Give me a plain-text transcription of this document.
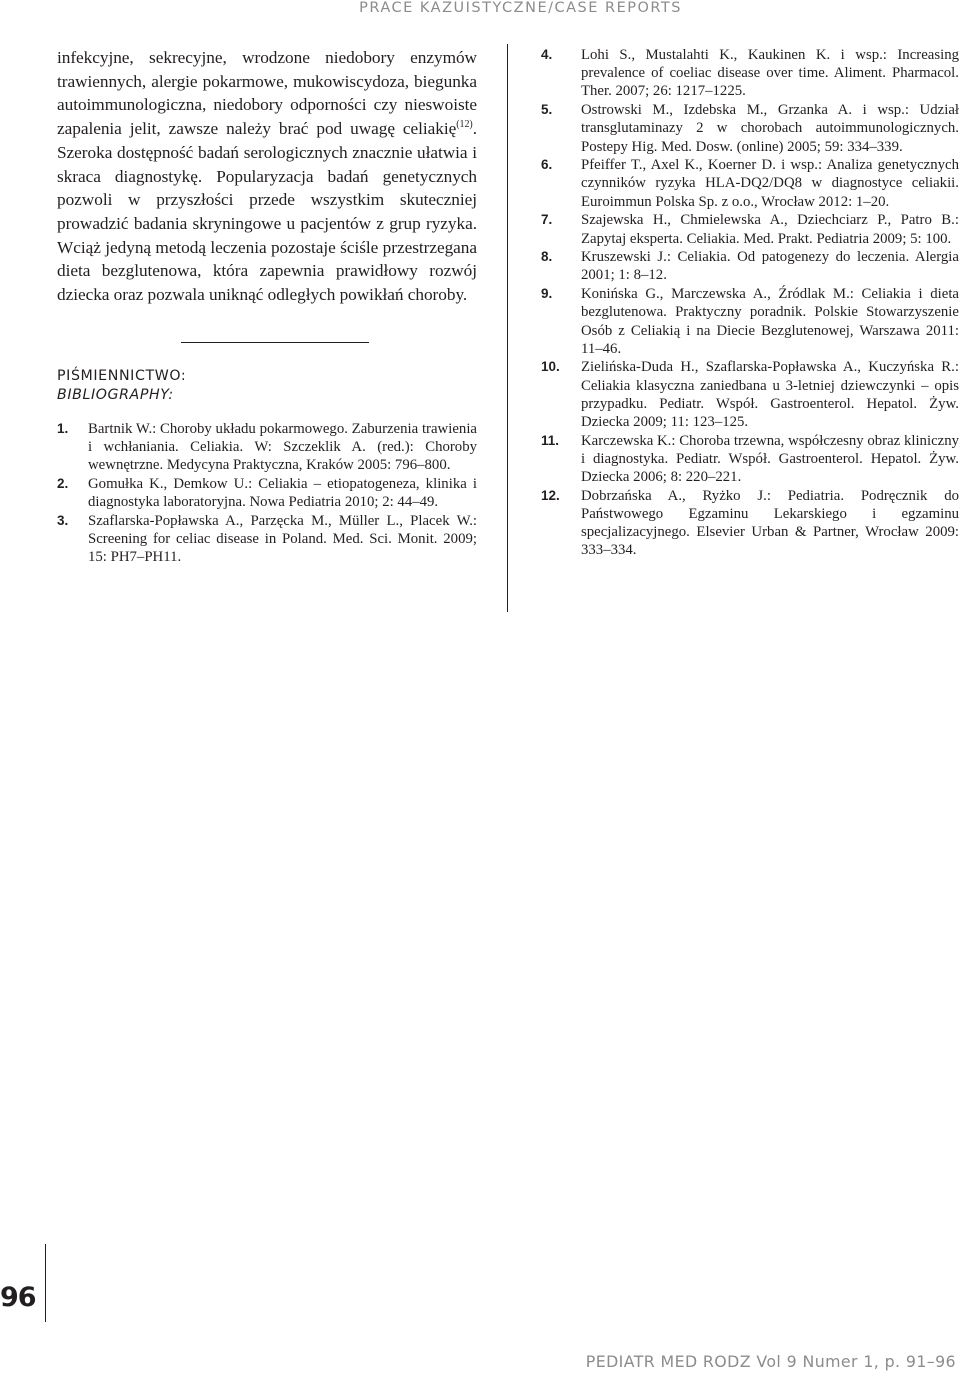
PRACE KAZUISTYCZNE/CASE REPORTS

infekcyjne, sekrecyjne, wrodzone niedobory enzymów trawiennych, alergie pokarmowe, mukowiscydoza, biegunka autoimmunologiczna, niedobory odporności czy nieswoiste zapalenia jelit, zawsze należy brać pod uwagę celiakię$^{(12)}$. Szeroka dostępność badań serologicznych znacznie ułatwia i skraca diagnostykę. Popularyzacja badań genetycznych pozwoli w przyszłości przede wszystkim skuteczniej prowadzić badania skryningowe u pacjentów z grup ryzyka. Wciąż jedyną metodą leczenia pozostaje ściśle przestrzegana dieta bezglutenowa, która zapewnia prawidłowy rozwój dziecka oraz pozwala uniknąć odległych powikłań choroby.

PIŚMIENNICTWO:
BIBLIOGRAPHY:
1. Bartnik W.: Choroby układu pokarmowego. Zaburzenia trawienia i wchłaniania. Celiakia. W: Szczeklik A. (red.): Choroby wewnętrzne. Medycyna Praktyczna, Kraków 2005: 796–800.
2. Gomułka K., Demkow U.: Celiakia – etiopatogeneza, klinika i diagnostyka laboratoryjna. Nowa Pediatria 2010; 2: 44–49.
3. Szaflarska-Popławska A., Parzęcka M., Müller L., Placek W.: Screening for celiac disease in Poland. Med. Sci. Monit. 2009; 15: PH7–PH11.
4. Lohi S., Mustalahti K., Kaukinen K. i wsp.: Increasing prevalence of coeliac disease over time. Aliment. Pharmacol. Ther. 2007; 26: 1217–1225.
5. Ostrowski M., Izdebska M., Grzanka A. i wsp.: Udział transglutaminazy 2 w chorobach autoimmunologicznych. Postepy Hig. Med. Dosw. (online) 2005; 59: 334–339.
6. Pfeiffer T., Axel K., Koerner D. i wsp.: Analiza genetycznych czynników ryzyka HLA-DQ2/DQ8 w diagnostyce celiakii. Euroimmun Polska Sp. z o.o., Wrocław 2012: 1–20.
7. Szajewska H., Chmielewska A., Dziechciarz P., Patro B.: Zapytaj eksperta. Celiakia. Med. Prakt. Pediatria 2009; 5: 100.
8. Kruszewski J.: Celiakia. Od patogenezy do leczenia. Alergia 2001; 1: 8–12.
9. Konińska G., Marczewska A., Źródlak M.: Celiakia i dieta bezglutenowa. Praktyczny poradnik. Polskie Stowarzyszenie Osób z Celiakią i na Diecie Bezglutenowej, Warszawa 2011: 11–46.
10. Zielińska-Duda H., Szaflarska-Popławska A., Kuczyńska R.: Celiakia klasyczna zaniedbana u 3-letniej dziewczynki – opis przypadku. Pediatr. Współ. Gastroenterol. Hepatol. Żyw. Dziecka 2009; 11: 123–125.
11. Karczewska K.: Choroba trzewna, współczesny obraz kliniczny i diagnostyka. Pediatr. Współ. Gastroenterol. Hepatol. Żyw. Dziecka 2006; 8: 220–221.
12. Dobrzańska A., Ryżko J.: Pediatria. Podręcznik do Państwowego Egzaminu Lekarskiego i egzaminu specjalizacyjnego. Elsevier Urban & Partner, Wrocław 2009: 333–334.
96
PEDIATR MED RODZ Vol 9 Numer 1, p. 91–96
